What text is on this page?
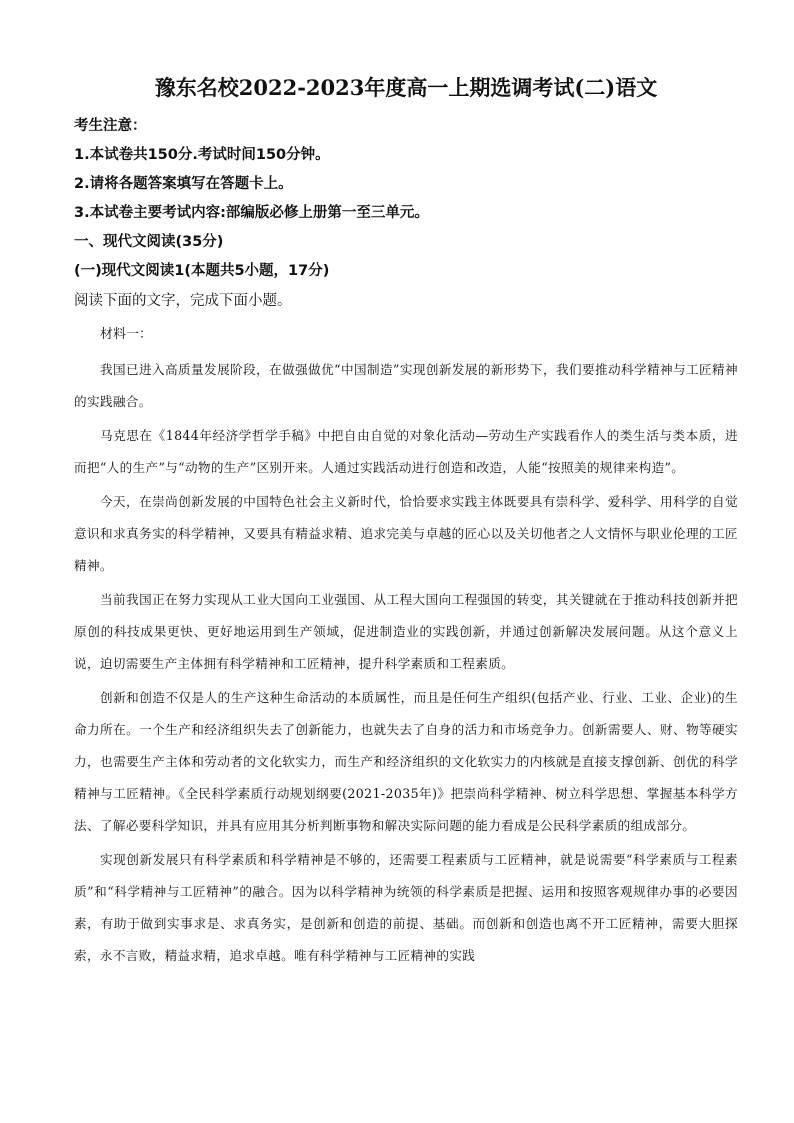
豫东名校2022-2023年度高一上期选调考试(二)语文

考生注意：

1.本试卷共150分.考试时间150分钟。

2.请将各题答案填写在答题卡上。

3.本试卷主要考试内容:部编版必修上册第一至三单元。

一、现代文阅读(35分)

(一)现代文阅读1(本题共5小题，17分)

阅读下面的文字，完成下面小题。

材料一：

我国已进入高质量发展阶段，在做强做优“中国制造”实现创新发展的新形势下，我们要推动科学精神与工匠精神的实践融合。

马克思在《1844年经济学哲学手稿》中把自由自觉的对象化活动—劳动生产实践看作人的类生活与类本质，进而把“人的生产”与“动物的生产”区别开来。人通过实践活动进行创造和改造，人能“按照美的规律来构造”。

今天，在崇尚创新发展的中国特色社会主义新时代，恰恰要求实践主体既要具有崇科学、爱科学、用科学的自觉意识和求真务实的科学精神，又要具有精益求精、追求完美与卓越的匠心以及关切他者之人文情怀与职业伦理的工匠精神。

当前我国正在努力实现从工业大国向工业强国、从工程大国向工程强国的转变，其关键就在于推动科技创新并把原创的科技成果更快、更好地运用到生产领域，促进制造业的实践创新，并通过创新解决发展问题。从这个意义上说，迫切需要生产主体拥有科学精神和工匠精神，提升科学素质和工程素质。

创新和创造不仅是人的生产这种生命活动的本质属性，而且是任何生产组织(包括产业、行业、工业、企业)的生命力所在。一个生产和经济组织失去了创新能力，也就失去了自身的活力和市场竞争力。创新需要人、财、物等硬实力，也需要生产主体和劳动者的文化软实力，而生产和经济组织的文化软实力的内核就是直接支撑创新、创优的科学精神与工匠精神。《全民科学素质行动规划纲要(2021-2035年)》把崇尚科学精神、树立科学思想、掌握基本科学方法、了解必要科学知识，并具有应用其分析判断事物和解决实际问题的能力看成是公民科学素质的组成部分。

实现创新发展只有科学素质和科学精神是不够的，还需要工程素质与工匠精神，就是说需要“科学素质与工程素质”和“科学精神与工匠精神”的融合。因为以科学精神为统领的科学素质是把握、运用和按照客观规律办事的必要因素，有助于做到实事求是、求真务实，是创新和创造的前提、基础。而创新和创造也离不开工匠精神，需要大胆探索，永不言败，精益求精，追求卓越。唯有科学精神与工匠精神的实践
